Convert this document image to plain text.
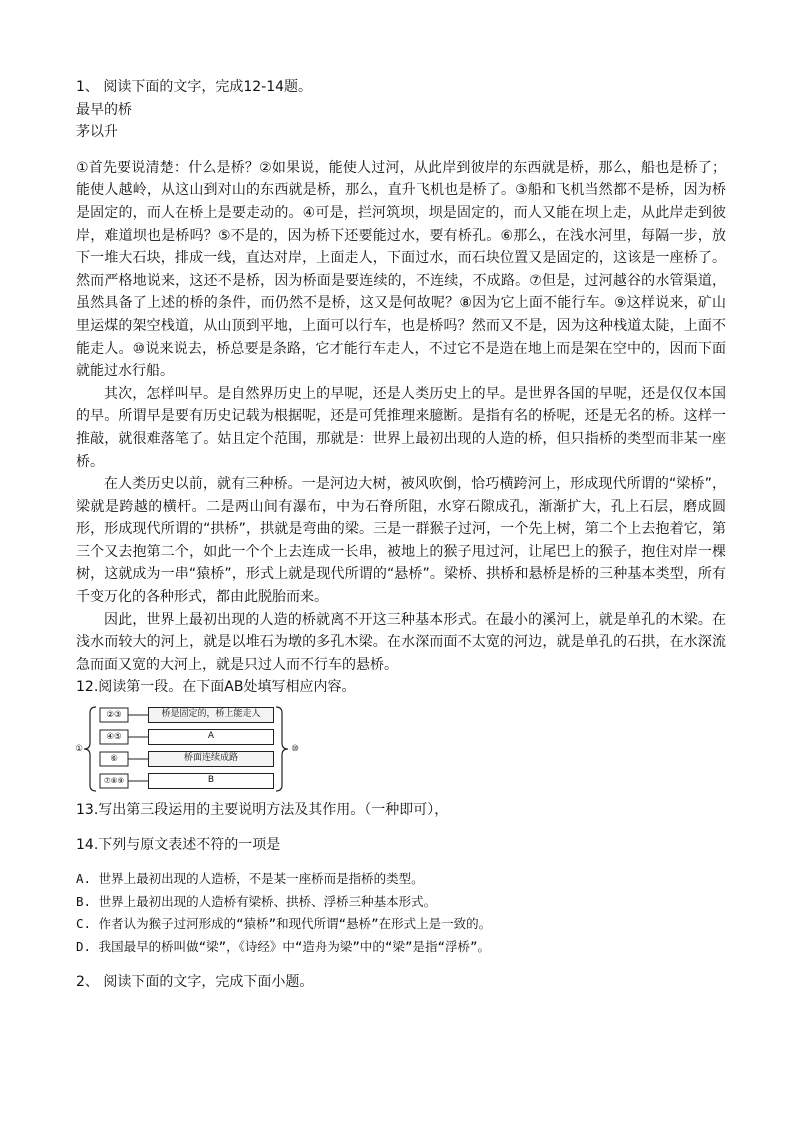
1、 阅读下面的文字，完成12-14题。

最早的桥

茅以升

①首先要说清楚：什么是桥？②如果说，能使人过河，从此岸到彼岸的东西就是桥，那么，船也是桥了；能使人越岭，从这山到对山的东西就是桥，那么，直升飞机也是桥了。③船和飞机当然都不是桥，因为桥是固定的，而人在桥上是要走动的。④可是，拦河筑坝，坝是固定的，而人又能在坝上走，从此岸走到彼岸，难道坝也是桥吗？⑤不是的，因为桥下还要能过水，要有桥孔。⑥那么，在浅水河里，每隔一步，放下一堆大石块，排成一线，直达对岸，上面走人，下面过水，而石块位置又是固定的，这该是一座桥了。然而严格地说来，这还不是桥，因为桥面是要连续的，不连续，不成路。⑦但是，过河越谷的水管渠道，虽然具备了上述的桥的条件，而仍然不是桥，这又是何故呢？⑧因为它上面不能行车。⑨这样说来，矿山里运煤的架空栈道，从山顶到平地，上面可以行车，也是桥吗？然而又不是，因为这种栈道太陡，上面不能走人。⑩说来说去，桥总要是条路，它才能行车走人，不过它不是造在地上而是架在空中的，因而下面就能过水行船。

其次，怎样叫早。是自然界历史上的早呢，还是人类历史上的早。是世界各国的早呢，还是仅仅本国的早。所谓早是要有历史记载为根据呢，还是可凭推理来臆断。是指有名的桥呢，还是无名的桥。这样一推敲，就很难落笔了。姑且定个范围，那就是：世界上最初出现的人造的桥，但只指桥的类型而非某一座桥。

在人类历史以前，就有三种桥。一是河边大树，被风吹倒，恰巧横跨河上，形成现代所谓的“梁桥”，梁就是跨越的横杆。二是两山间有瀑布，中为石脊所阻，水穿石隙成孔，渐渐扩大，孔上石层，磨成圆形，形成现代所谓的“拱桥”，拱就是弯曲的梁。三是一群猴子过河，一个先上树，第二个上去抱着它，第三个又去抱第二个，如此一个个上去连成一长串，被地上的猴子甩过河，让尾巴上的猴子，抱住对岸一棵树，这就成为一串“猿桥”，形式上就是现代所谓的“悬桥”。梁桥、拱桥和悬桥是桥的三种基本类型，所有千变万化的各种形式，都由此脱胎而来。

因此，世界上最初出现的人造的桥就离不开这三种基本形式。在最小的溪河上，就是单孔的木梁。在浅水而较大的河上，就是以堆石为墩的多孔木梁。在水深而面不太宽的河边，就是单孔的石拱，在水深流急而面又宽的大河上，就是只过人而不行车的悬桥。

12.阅读第一段。在下面AB处填写相应内容。

①	⑩
②③
④⑤
⑥
⑦⑧⑨
桥是固定的，桥上能走人
A
桥面连续成路
B

13.写出第三段运用的主要说明方法及其作用。（一种即可），

14.下列与原文表述不符的一项是

A. 世界上最初出现的人造桥，不是某一座桥而是指桥的类型。

B. 世界上最初出现的人造桥有梁桥、拱桥、浮桥三种基本形式。

C. 作者认为猴子过河形成的“猿桥”和现代所谓“悬桥”在形式上是一致的。

D. 我国最早的桥叫做“梁”，《诗经》中“造舟为梁”中的“梁”是指“浮桥”。

2、 阅读下面的文字，完成下面小题。
